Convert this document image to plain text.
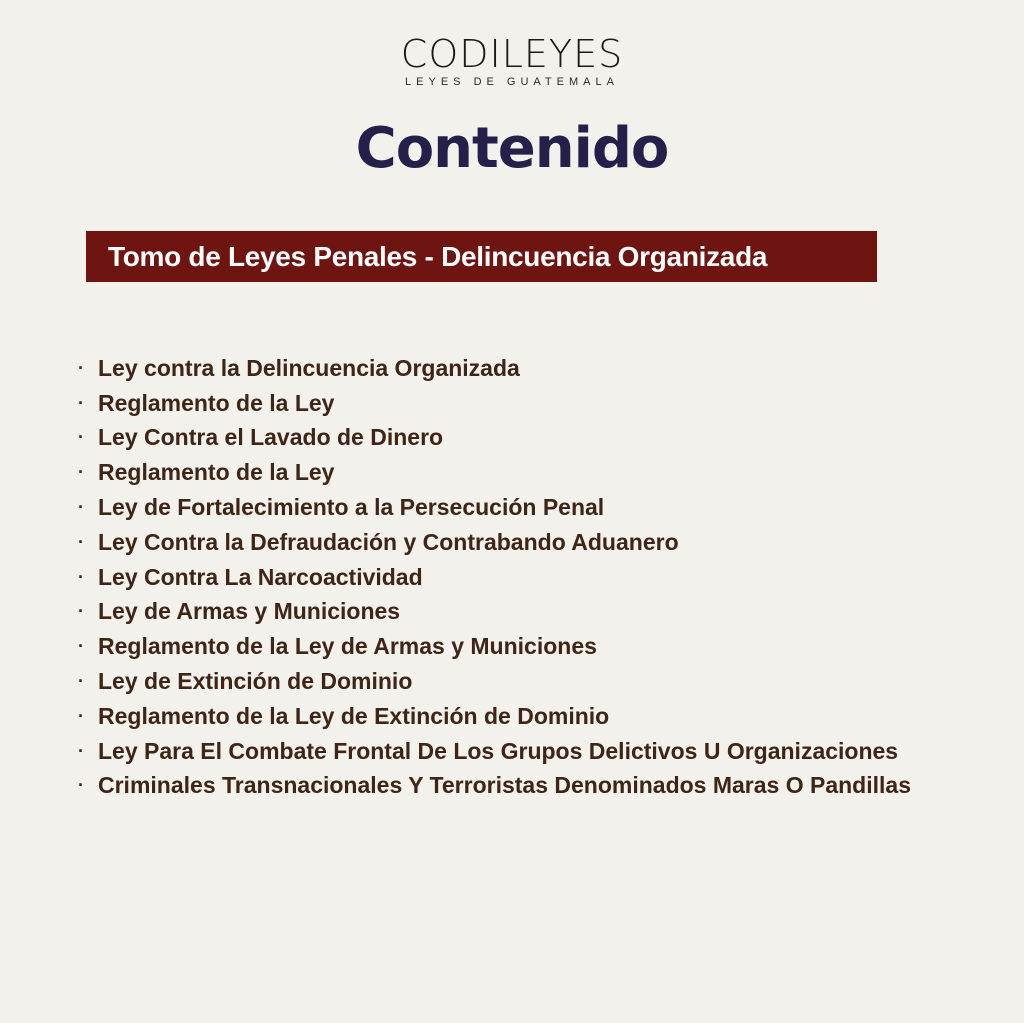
CODILEYES
LEYES DE GUATEMALA
Contenido
Tomo de Leyes Penales - Delincuencia Organizada
· Ley contra la Delincuencia Organizada
· Reglamento de la Ley
· Ley Contra el Lavado de Dinero
· Reglamento de la Ley
· Ley de Fortalecimiento a la Persecución Penal
· Ley Contra la Defraudación y Contrabando Aduanero
· Ley Contra La Narcoactividad
· Ley de Armas y Municiones
· Reglamento de la Ley de Armas y Municiones
· Ley de Extinción de Dominio
· Reglamento de la Ley de Extinción de Dominio
· Ley Para El Combate Frontal De Los Grupos Delictivos U Organizaciones
· Criminales Transnacionales Y Terroristas Denominados Maras O Pandillas
